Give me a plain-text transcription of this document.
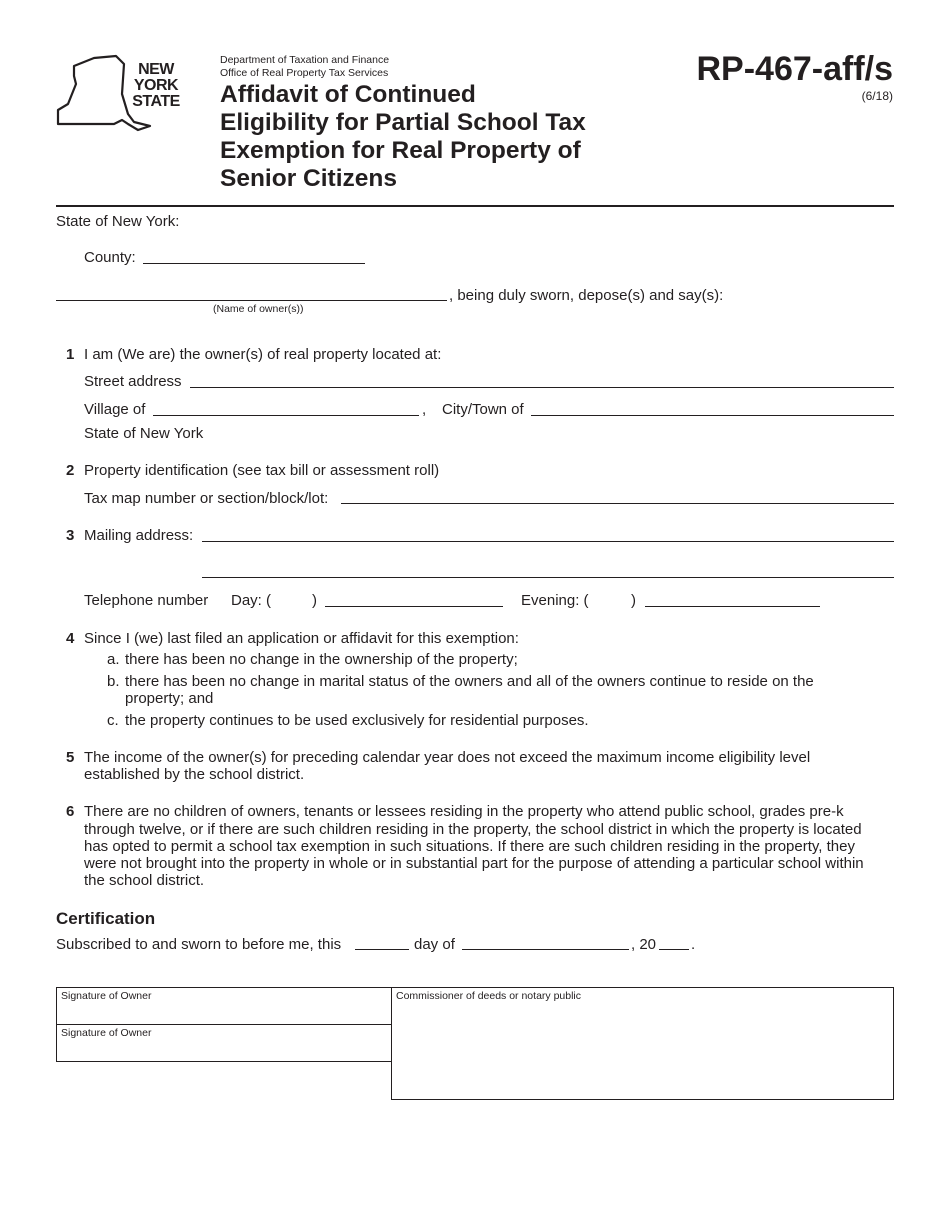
NEW
YORK
STATE
Department of Taxation and Finance
Office of Real Property Tax Services
Affidavit of Continued
Eligibility for Partial School Tax
Exemption for Real Property of
Senior Citizens
RP-467-aff/s
(6/18)
State of New York:
County:
, being duly sworn, depose(s) and say(s):
(Name of owner(s))
1 I am (We are) the owner(s) of real property located at:
Street address
Village of	, City/Town of
State of New York
2 Property identification (see tax bill or assessment roll)
Tax map number or section/block/lot:
3 Mailing address:
Telephone number Day: (	)	Evening: (	)
4 Since I (we) last filed an application or affidavit for this exemption:
a. there has been no change in the ownership of the property;
b. there has been no change in marital status of the owners and all of the owners continue to reside on the
property; and
c. the property continues to be used exclusively for residential purposes.
5 The income of the owner(s) for preceding calendar year does not exceed the maximum income eligibility level
established by the school district.
6 There are no children of owners, tenants or lessees residing in the property who attend public school, grades pre-k
through twelve, or if there are such children residing in the property, the school district in which the property is located
has opted to permit a school tax exemption in such situations. If there are such children residing in the property, they
were not brought into the property in whole or in substantial part for the purpose of attending a particular school within
the school district.
Certification
Subscribed to and sworn to before me, this	day of	, 20 .
Signature of Owner
Signature of Owner
Commissioner of deeds or notary public
